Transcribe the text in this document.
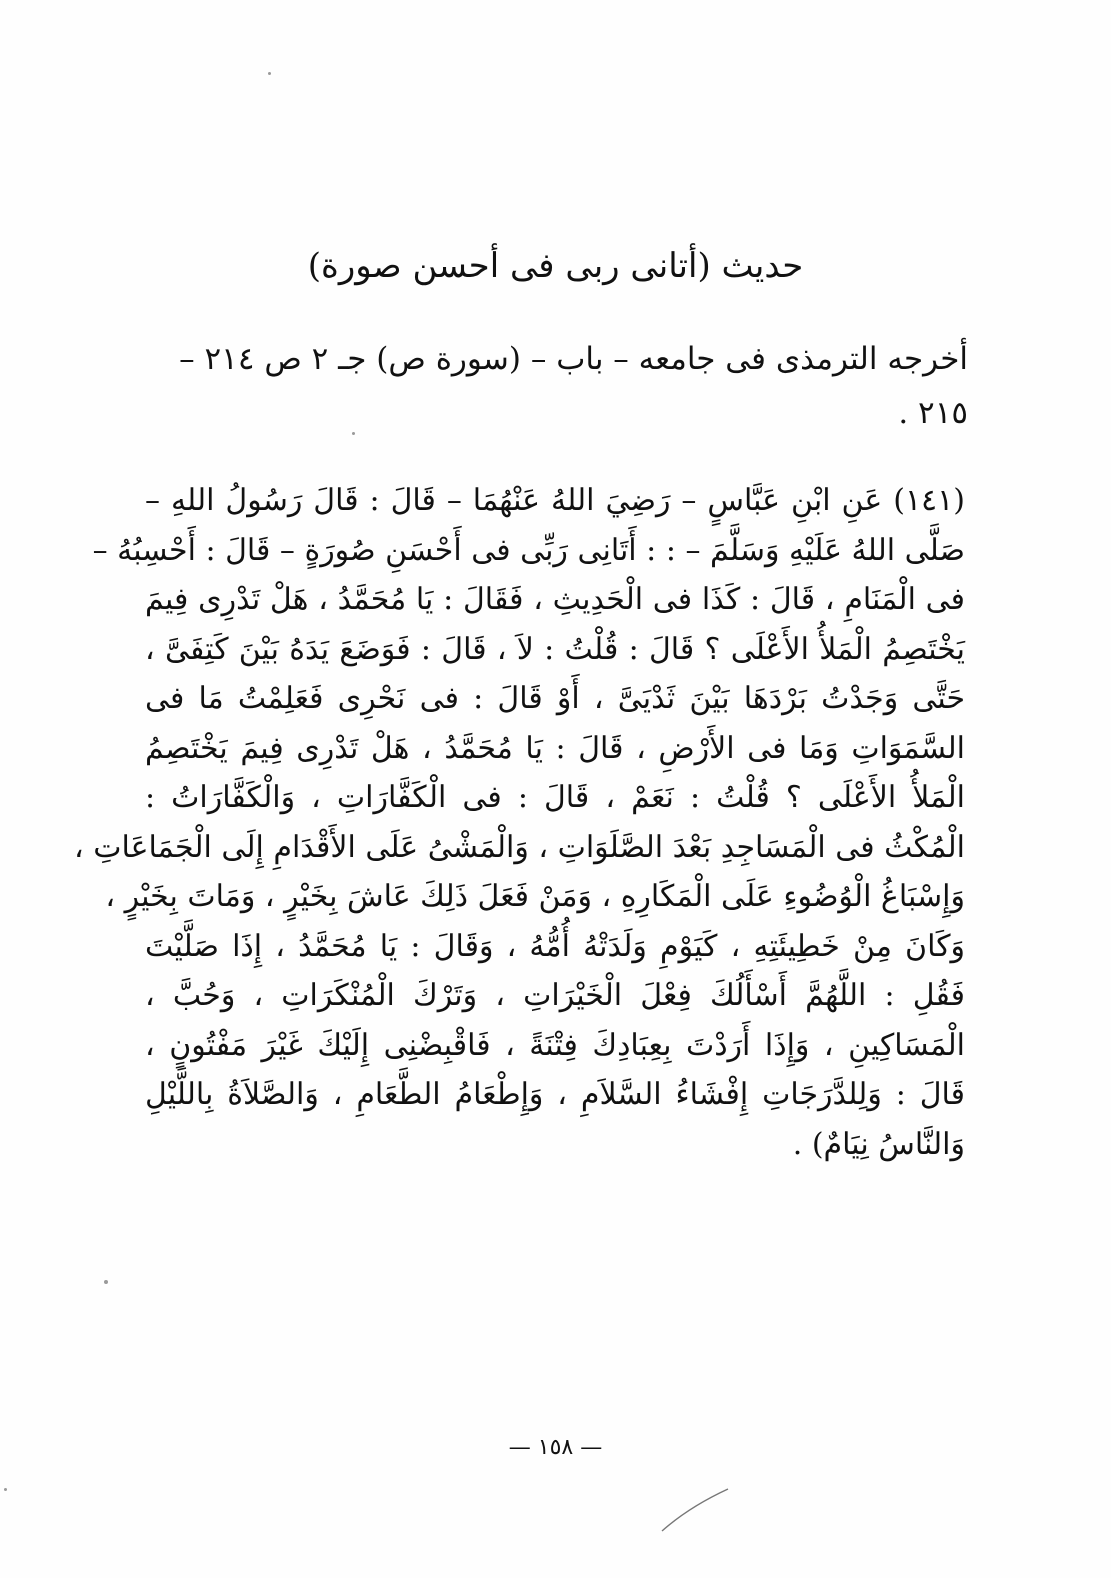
حديث (أتانى ربى فى أحسن صورة)

أخرجه الترمذى فى جامعه – باب – (سورة ص) جـ ٢ ص ٢١٤ –
٢١٥ .

(١٤١) عَنِ ابْنِ عَبَّاسٍ – رَضِيَ اللهُ عَنْهُمَا – قَالَ : قَالَ رَسُولُ اللهِ –
صَلَّى اللهُ عَلَيْهِ وَسَلَّمَ – : : أَتَانِى رَبِّى فى أَحْسَنِ صُورَةٍ – قَالَ : أَحْسِبُهُ –
فى الْمَنَامِ ، قَالَ : كَذَا فى الْحَدِيثِ ، فَقَالَ : يَا مُحَمَّدُ ، هَلْ تَدْرِى فِيمَ
يَخْتَصِمُ الْمَلأُ الأَعْلَى ؟ قَالَ : قُلْتُ : لاَ ، قَالَ : فَوَضَعَ يَدَهُ بَيْنَ كَتِفَىَّ ،
حَتَّى وَجَدْتُ بَرْدَهَا بَيْنَ ثَدْيَىَّ ، أَوْ قَالَ : فى نَحْرِى فَعَلِمْتُ مَا فى
السَّمَوَاتِ وَمَا فى الأَرْضِ ، قَالَ : يَا مُحَمَّدُ ، هَلْ تَدْرِى فِيمَ يَخْتَصِمُ
الْمَلأُ الأَعْلَى ؟ قُلْتُ : نَعَمْ ، قَالَ : فى الْكَفَّارَاتِ ، وَالْكَفَّارَاتُ :
الْمُكْثُ فى الْمَسَاجِدِ بَعْدَ الصَّلَوَاتِ ، وَالْمَشْىُ عَلَى الأَقْدَامِ إِلَى الْجَمَاعَاتِ ،
وَإِسْبَاغُ الْوُضُوءِ عَلَى الْمَكَارِهِ ، وَمَنْ فَعَلَ ذَلِكَ عَاشَ بِخَيْرٍ ، وَمَاتَ بِخَيْرٍ ،
وَكَانَ مِنْ خَطِيئَتِهِ ، كَيَوْمِ وَلَدَتْهُ أُمُّهُ ، وَقَالَ : يَا مُحَمَّدُ ، إِذَا صَلَّيْتَ
فَقُلِ : اللَّهُمَّ أَسْأَلُكَ فِعْلَ الْخَيْرَاتِ ، وَتَرْكَ الْمُنْكَرَاتِ ، وَحُبَّ ،
الْمَسَاكِينِ ، وَإِذَا أَرَدْتَ بِعِبَادِكَ فِتْنَةً ، فَاقْبِضْنِى إِلَيْكَ غَيْرَ مَفْتُونٍ ،
قَالَ : وَلِلدَّرَجَاتِ إِفْشَاءُ السَّلاَمِ ، وَإِطْعَامُ الطَّعَامِ ، وَالصَّلاَةُ بِاللَّيْلِ
وَالنَّاسُ نِيَامٌ) .
— ١٥٨ —
